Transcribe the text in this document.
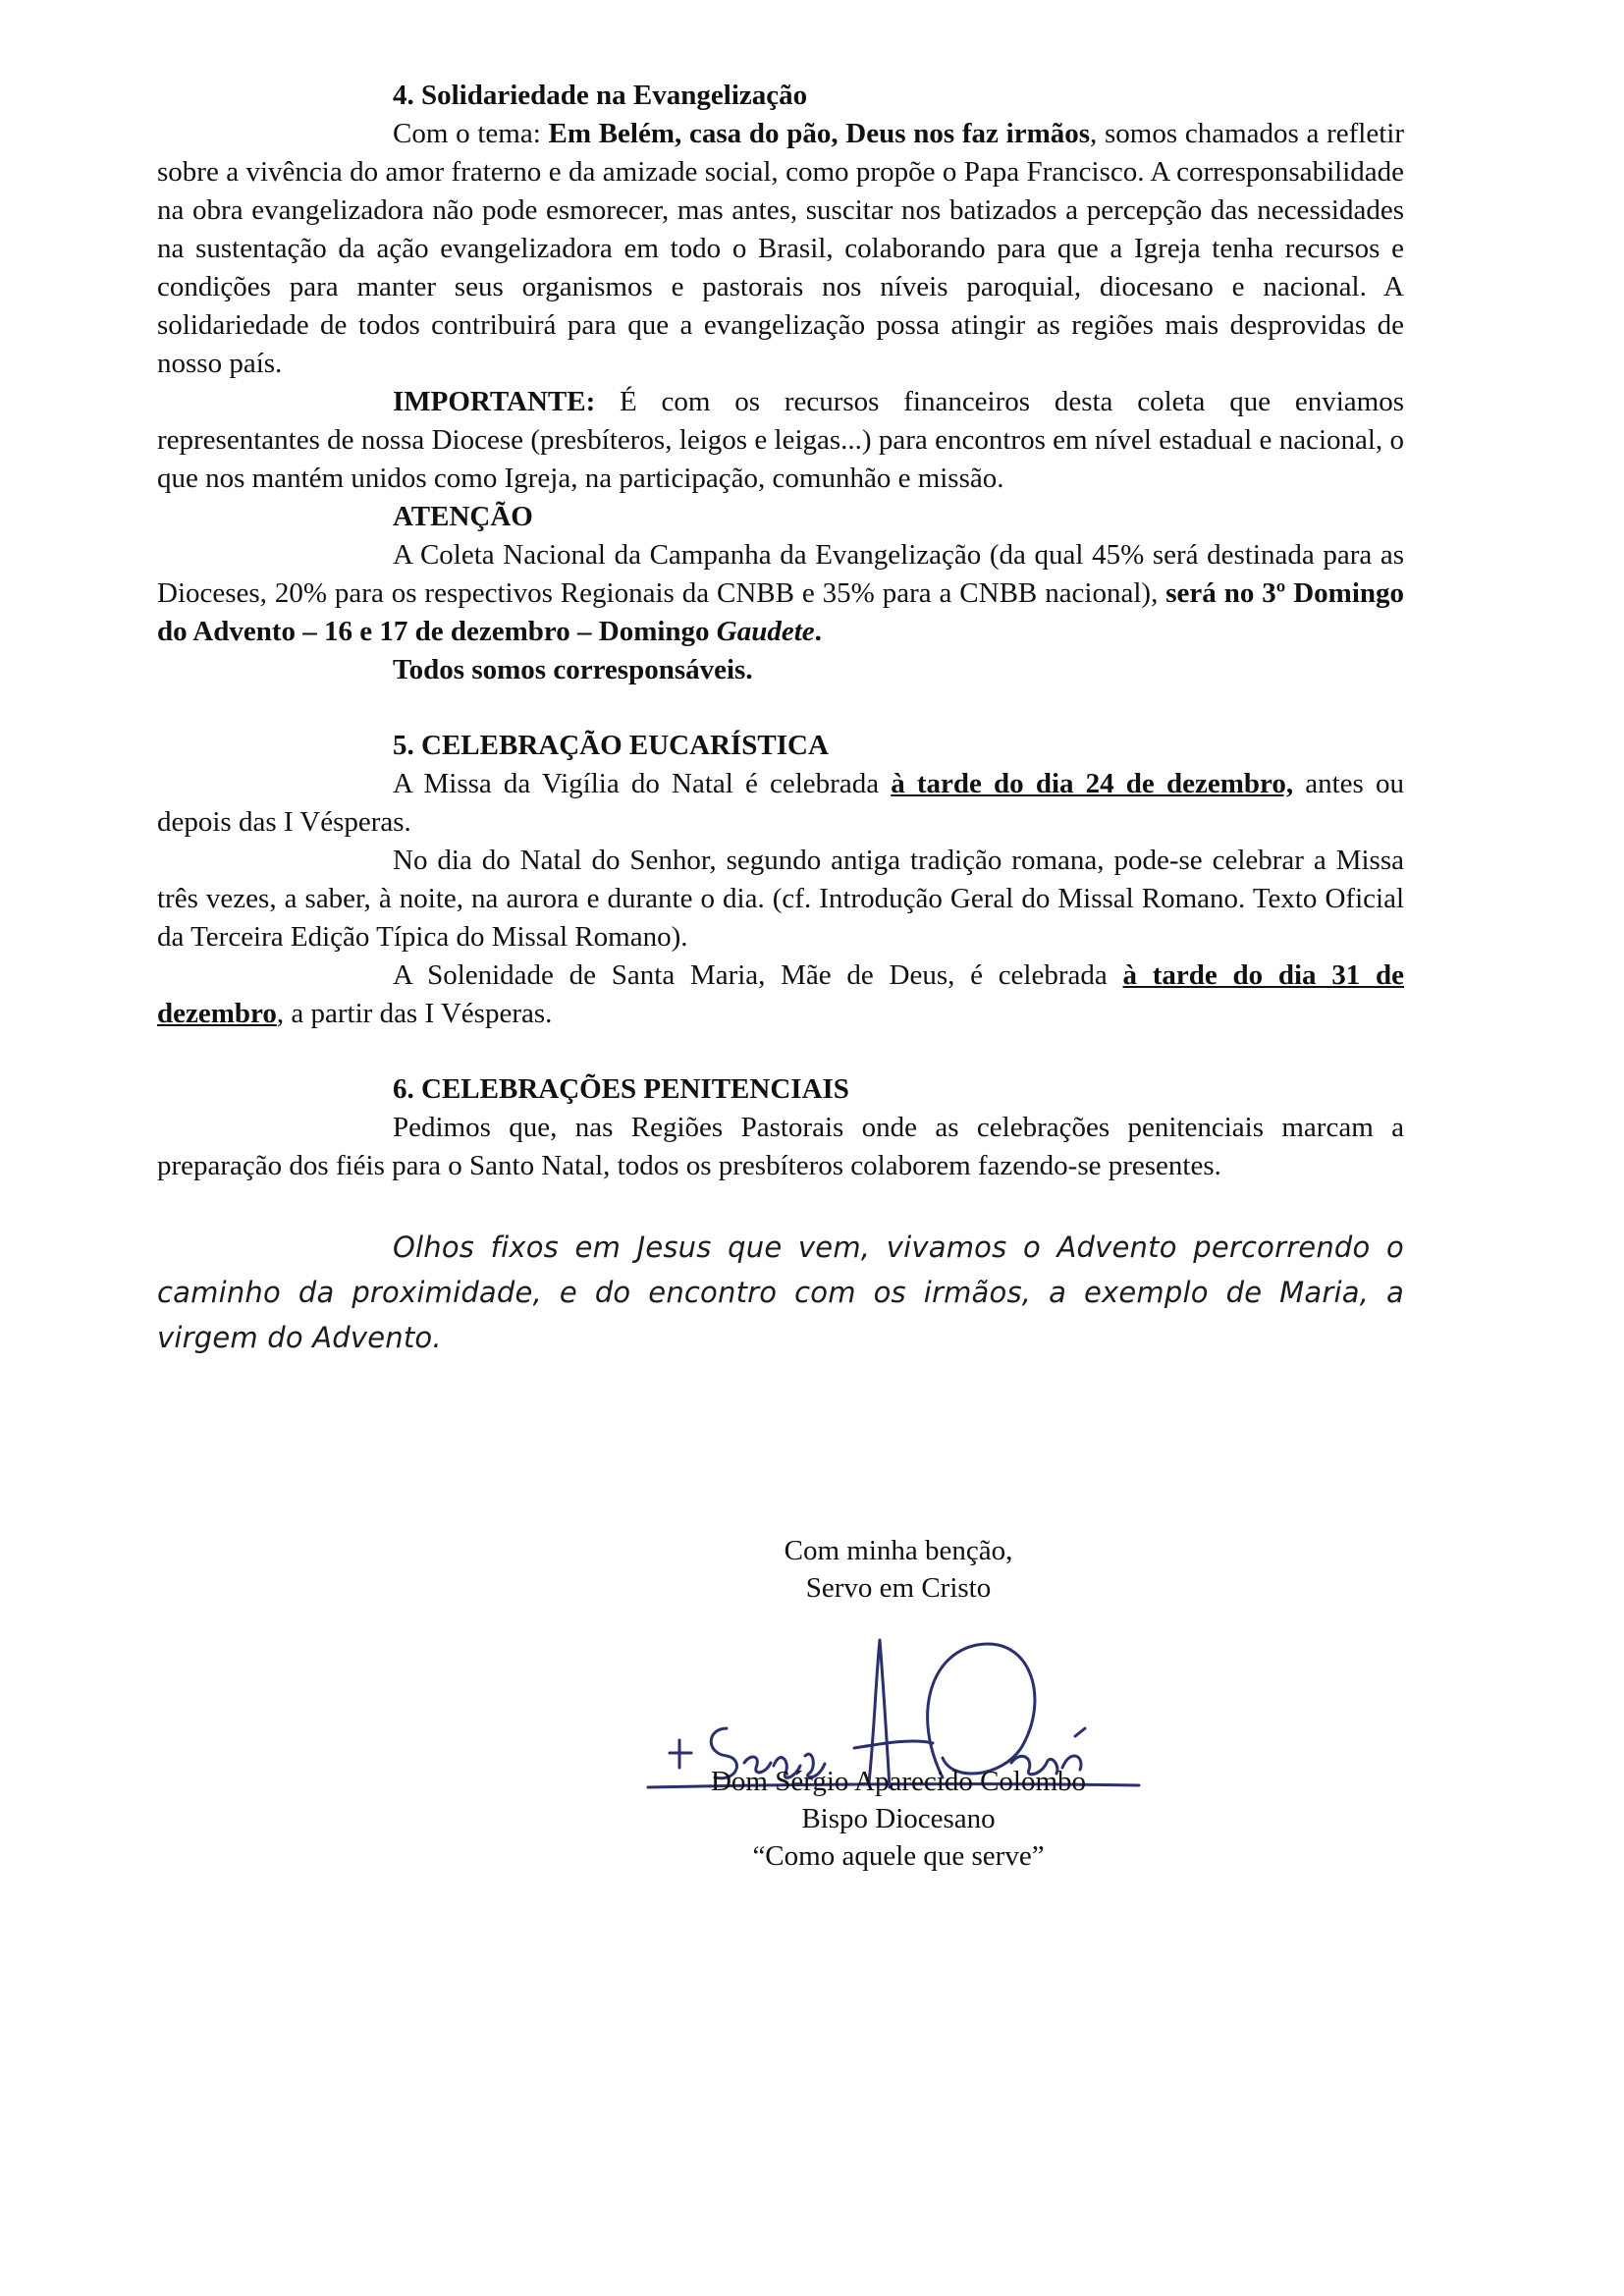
4. Solidariedade na Evangelização

Com o tema: Em Belém, casa do pão, Deus nos faz irmãos, somos chamados a refletir sobre a vivência do amor fraterno e da amizade social, como propõe o Papa Francisco. A corresponsabilidade na obra evangelizadora não pode esmorecer, mas antes, suscitar nos batizados a percepção das necessidades na sustentação da ação evangelizadora em todo o Brasil, colaborando para que a Igreja tenha recursos e condições para manter seus organismos e pastorais nos níveis paroquial, diocesano e nacional. A solidariedade de todos contribuirá para que a evangelização possa atingir as regiões mais desprovidas de nosso país.

IMPORTANTE: É com os recursos financeiros desta coleta que enviamos representantes de nossa Diocese (presbíteros, leigos e leigas...) para encontros em nível estadual e nacional, o que nos mantém unidos como Igreja, na participação, comunhão e missão.

ATENÇÃO

A Coleta Nacional da Campanha da Evangelização (da qual 45% será destinada para as Dioceses, 20% para os respectivos Regionais da CNBB e 35% para a CNBB nacional), será no 3º Domingo do Advento – 16 e 17 de dezembro – Domingo Gaudete.

Todos somos corresponsáveis.
5. CELEBRAÇÃO EUCARÍSTICA

A Missa da Vigília do Natal é celebrada à tarde do dia 24 de dezembro, antes ou depois das I Vésperas.

No dia do Natal do Senhor, segundo antiga tradição romana, pode-se celebrar a Missa três vezes, a saber, à noite, na aurora e durante o dia. (cf. Introdução Geral do Missal Romano. Texto Oficial da Terceira Edição Típica do Missal Romano).

A Solenidade de Santa Maria, Mãe de Deus, é celebrada à tarde do dia 31 de dezembro, a partir das I Vésperas.

6. CELEBRAÇÕES PENITENCIAIS

Pedimos que, nas Regiões Pastorais onde as celebrações penitenciais marcam a preparação dos fiéis para o Santo Natal, todos os presbíteros colaborem fazendo-se presentes.

Olhos fixos em Jesus que vem, vivamos o Advento percorrendo o caminho da proximidade, e do encontro com os irmãos, a exemplo de Maria, a virgem do Advento.

Com minha benção,
Servo em Cristo
Dom Sérgio Aparecido Colombo
Bispo Diocesano
“Como aquele que serve”
